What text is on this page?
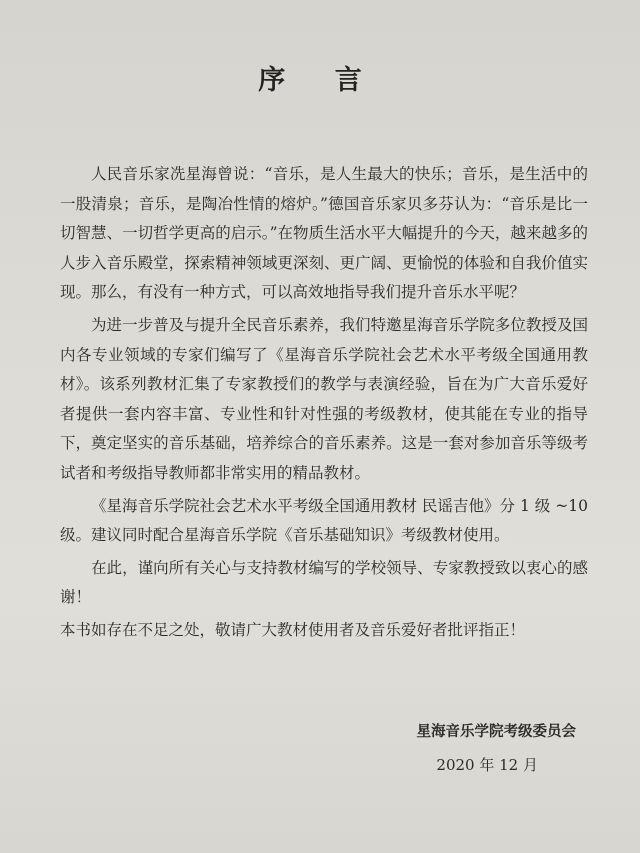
序 言

人民音乐家冼星海曾说：“音乐，是人生最大的快乐；音乐，是生活中的一股清泉；音乐，是陶冶性情的熔炉。”德国音乐家贝多芬认为：“音乐是比一切智慧、一切哲学更高的启示。”在物质生活水平大幅提升的今天，越来越多的人步入音乐殿堂，探索精神领域更深刻、更广阔、更愉悦的体验和自我价值实现。那么，有没有一种方式，可以高效地指导我们提升音乐水平呢？

为进一步普及与提升全民音乐素养，我们特邀星海音乐学院多位教授及国内各专业领域的专家们编写了《星海音乐学院社会艺术水平考级全国通用教材》。该系列教材汇集了专家教授们的教学与表演经验，旨在为广大音乐爱好者提供一套内容丰富、专业性和针对性强的考级教材，使其能在专业的指导下，奠定坚实的音乐基础，培养综合的音乐素养。这是一套对参加音乐等级考试者和考级指导教师都非常实用的精品教材。

《星海音乐学院社会艺术水平考级全国通用教材 民谣吉他》分 1 级 ~10 级。建议同时配合星海音乐学院《音乐基础知识》考级教材使用。

在此，谨向所有关心与支持教材编写的学校领导、专家教授致以衷心的感谢！

本书如存在不足之处，敬请广大教材使用者及音乐爱好者批评指正！

星海音乐学院考级委员会
2020 年 12 月
